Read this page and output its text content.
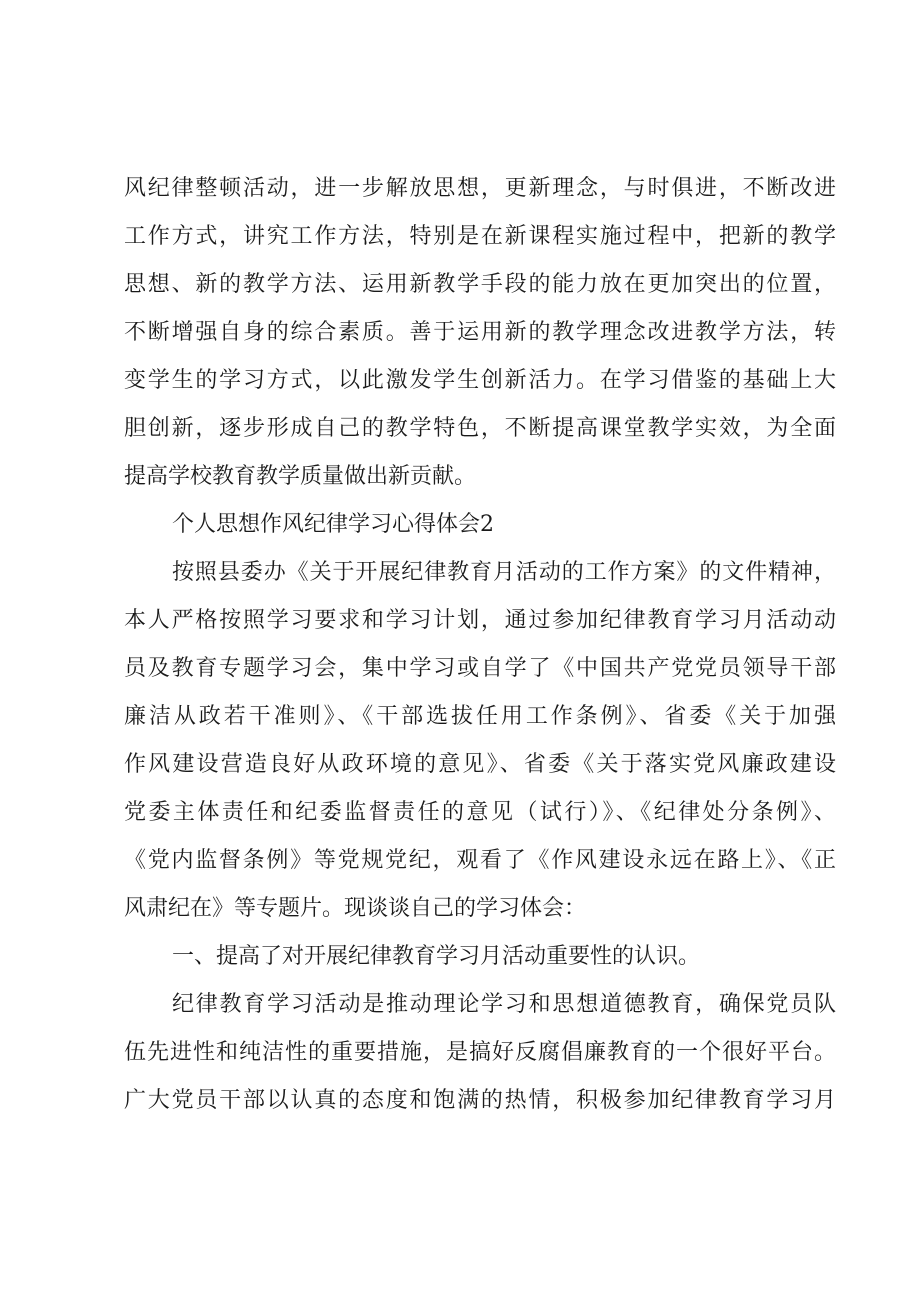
风纪律整顿活动，进一步解放思想，更新理念，与时俱进，不断改进
工作方式，讲究工作方法，特别是在新课程实施过程中，把新的教学
思想、新的教学方法、运用新教学手段的能力放在更加突出的位置，
不断增强自身的综合素质。善于运用新的教学理念改进教学方法，转
变学生的学习方式，以此激发学生创新活力。在学习借鉴的基础上大
胆创新，逐步形成自己的教学特色，不断提高课堂教学实效，为全面
提高学校教育教学质量做出新贡献。
个人思想作风纪律学习心得体会2
按照县委办《关于开展纪律教育月活动的工作方案》的文件精神，
本人严格按照学习要求和学习计划，通过参加纪律教育学习月活动动
员及教育专题学习会，集中学习或自学了《中国共产党党员领导干部
廉洁从政若干准则》、《干部选拔任用工作条例》、省委《关于加强
作风建设营造良好从政环境的意见》、省委《关于落实党风廉政建设
党委主体责任和纪委监督责任的意见（试行）》、《纪律处分条例》、
《党内监督条例》等党规党纪，观看了《作风建设永远在路上》、《正
风肃纪在》等专题片。现谈谈自己的学习体会：
一、提高了对开展纪律教育学习月活动重要性的认识。
纪律教育学习活动是推动理论学习和思想道德教育，确保党员队
伍先进性和纯洁性的重要措施，是搞好反腐倡廉教育的一个很好平台。
广大党员干部以认真的态度和饱满的热情，积极参加纪律教育学习月
